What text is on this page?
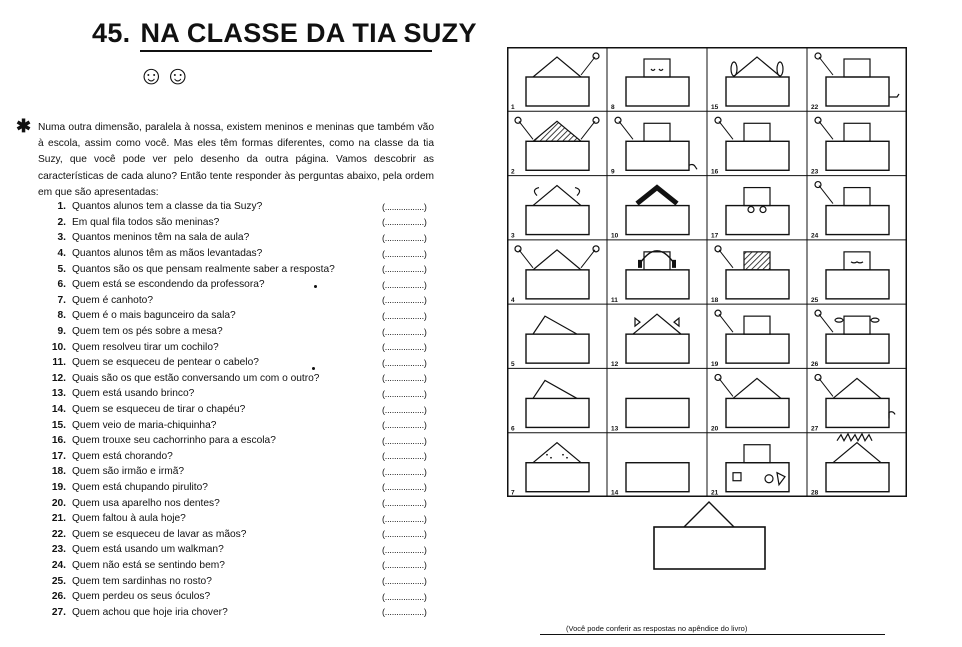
45. NA CLASSE DA TIA SUZY
☺☺
✱ Numa outra dimensão, paralela à nossa, existem meninos e meninas que também vão à escola, assim como você. Mas eles têm formas diferentes, como na classe da tia Suzy, que você pode ver pelo desenho da outra página. Vamos descobrir as características de cada aluno? Então tente responder às perguntas abaixo, pela ordem em que são apresentadas:
1. Quantos alunos tem a classe da tia Suzy?	(.................)
2. Em qual fila todos são meninas?	(.................)
3. Quantos meninos têm na sala de aula?	(.................)
4. Quantos alunos têm as mãos levantadas?	(.................)
5. Quantos são os que pensam realmente saber a resposta?	(.................)
6. Quem está se escondendo da professora?	(.................)
7. Quem é canhoto?	(.................)
8. Quem é o mais bagunceiro da sala?	(.................)
9. Quem tem os pés sobre a mesa?	(.................)
10. Quem resolveu tirar um cochilo?	(.................)
11. Quem se esqueceu de pentear o cabelo?	(.................)
12. Quais são os que estão conversando um com o outro?	(.................)
13. Quem está usando brinco?	(.................)
14. Quem se esqueceu de tirar o chapéu?	(.................)
15. Quem veio de maria-chiquinha?	(.................)
16. Quem trouxe seu cachorrinho para a escola?	(.................)
17. Quem está chorando?	(.................)
18. Quem são irmão e irmã?	(.................)
19. Quem está chupando pirulito?	(.................)
20. Quem usa aparelho nos dentes?	(.................)
21. Quem faltou à aula hoje?	(.................)
22. Quem se esqueceu de lavar as mãos?	(.................)
23. Quem está usando um walkman?	(.................)
24. Quem não está se sentindo bem?	(.................)
25. Quem tem sardinhas no rosto?	(.................)
26. Quem perdeu os seus óculos?	(.................)
27. Quem achou que hoje iria chover?	(.................)
1
2
3
4
5
6
7
8
9
10
11
12
13
14
15
16
17
18
19
20
21
22
23
24
25
26
27
28
(Você pode conferir as respostas no apêndice do livro)
